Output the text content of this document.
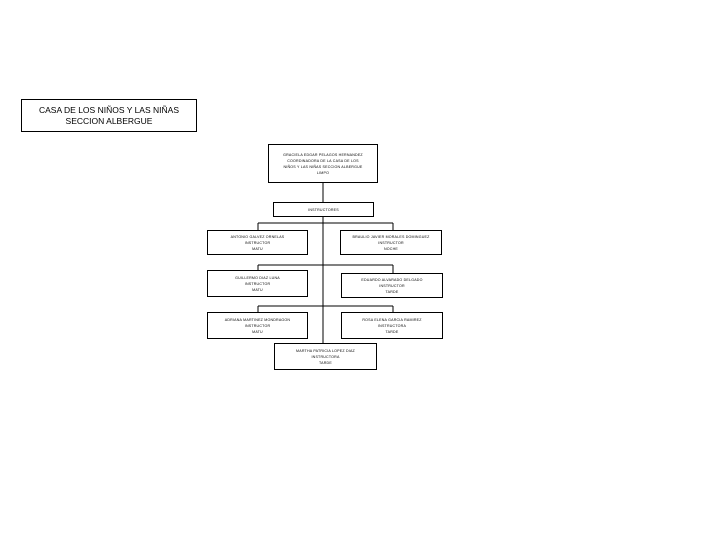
CASA DE LOS NIÑOS Y LAS NIÑAS
SECCION ALBERGUE
GRACIELA EDGAR PELAGOS HERNANDEZ
COORDINADORA DE LA CASA DE LOS
NIÑOS Y LAS NIÑAS SECCION ALBERGUE
LIMPO
INSTRUCTORES
ANTONIO GALVEZ ORNELAS
INSTRUCTOR
MATU
BRAULIO JAVIER MORALES DOMINGUEZ
INSTRUCTOR
NOCHE
GUILLERMO DIAZ LUNA
INSTRUCTOR
MATU
EDUARDO ALVARADO DELGADO
INSTRUCTOR
TARDE
ADRIANA MARTINEZ MONDRAGON
INSTRUCTOR
MATU
ROSA ELENA GARCIA RAMIREZ
INSTRUCTORA
TARDE
MARTHA PATRICIA LOPEZ DIAZ
INSTRUCTORA
TARDE
